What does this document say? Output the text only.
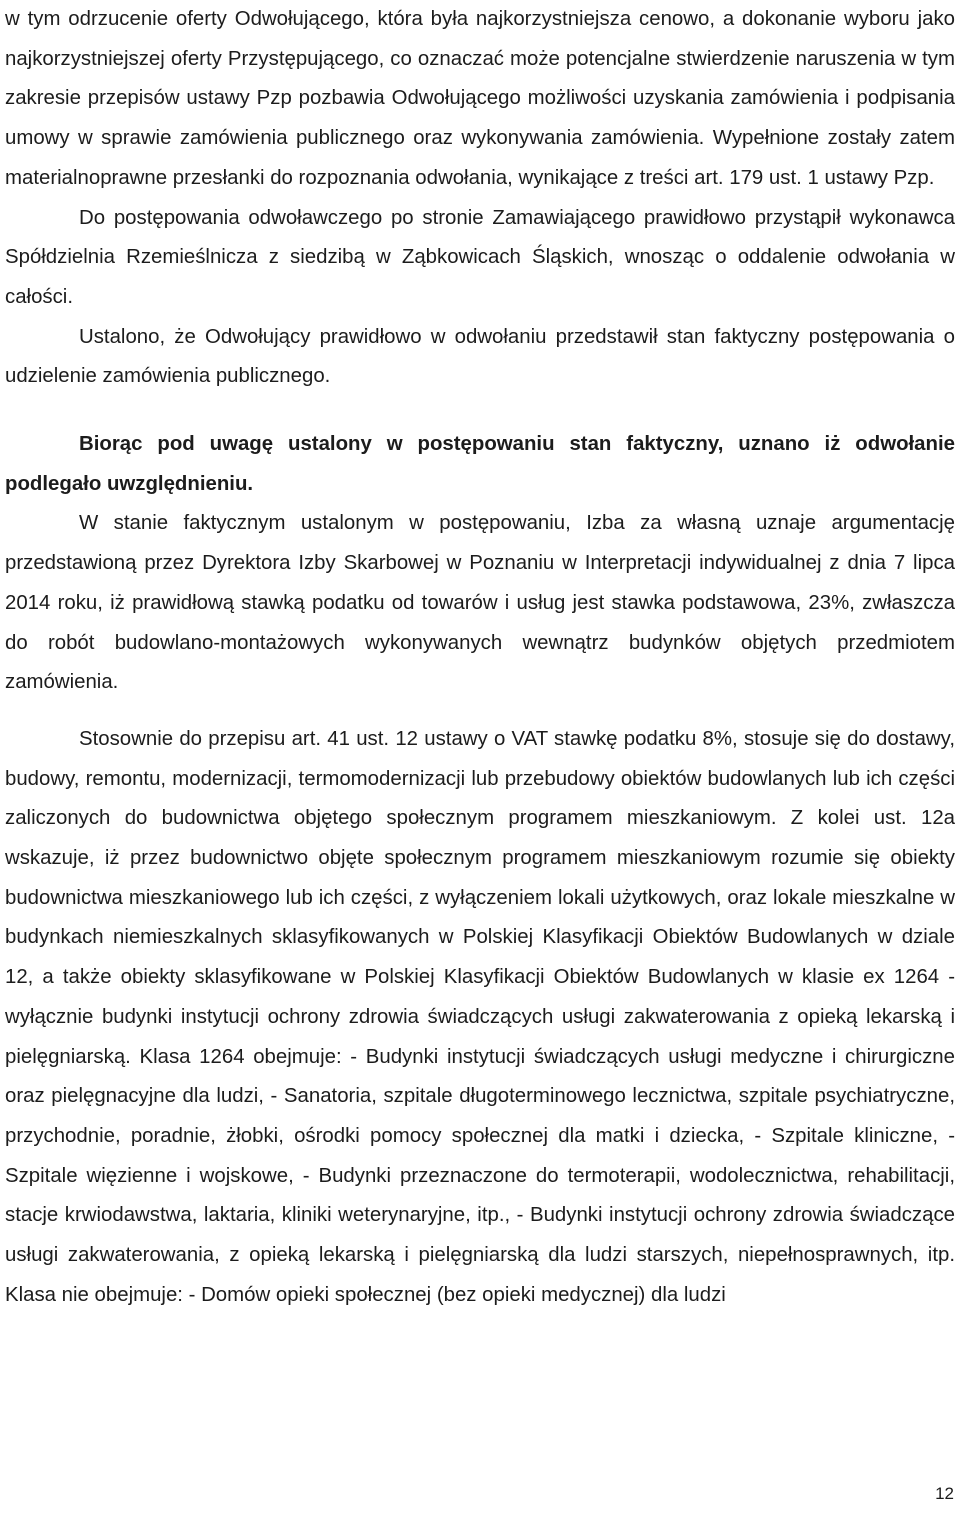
w tym odrzucenie oferty Odwołującego, która była najkorzystniejsza cenowo, a dokonanie wyboru jako najkorzystniejszej oferty Przystępującego, co oznaczać może potencjalne stwierdzenie naruszenia w tym zakresie przepisów ustawy Pzp pozbawia Odwołującego możliwości uzyskania zamówienia i podpisania umowy w sprawie zamówienia publicznego oraz wykonywania zamówienia. Wypełnione zostały zatem materialnoprawne przesłanki do rozpoznania odwołania, wynikające z treści art. 179 ust. 1 ustawy Pzp.

Do postępowania odwoławczego po stronie Zamawiającego prawidłowo przystąpił wykonawca Spółdzielnia Rzemieślnicza z siedzibą w Ząbkowicach Śląskich, wnosząc o oddalenie odwołania w całości.

Ustalono, że Odwołujący prawidłowo w odwołaniu przedstawił stan faktyczny postępowania o udzielenie zamówienia publicznego.

Biorąc pod uwagę ustalony w postępowaniu stan faktyczny, uznano iż odwołanie podlegało uwzględnieniu.

W stanie faktycznym ustalonym w postępowaniu, Izba za własną uznaje argumentację przedstawioną przez Dyrektora Izby Skarbowej w Poznaniu w Interpretacji indywidualnej z dnia 7 lipca 2014 roku, iż prawidłową stawką podatku od towarów i usług jest stawka podstawowa, 23%, zwłaszcza do robót budowlano-montażowych wykonywanych wewnątrz budynków objętych przedmiotem zamówienia.

Stosownie do przepisu art. 41 ust. 12 ustawy o VAT stawkę podatku 8%, stosuje się do dostawy, budowy, remontu, modernizacji, termomodernizacji lub przebudowy obiektów budowlanych lub ich części zaliczonych do budownictwa objętego społecznym programem mieszkaniowym. Z kolei ust. 12a wskazuje, iż przez budownictwo objęte społecznym programem mieszkaniowym rozumie się obiekty budownictwa mieszkaniowego lub ich części, z wyłączeniem lokali użytkowych, oraz lokale mieszkalne w budynkach niemieszkalnych sklasyfikowanych w Polskiej Klasyfikacji Obiektów Budowlanych w dziale 12, a także obiekty sklasyfikowane w Polskiej Klasyfikacji Obiektów Budowlanych w klasie ex 1264 - wyłącznie budynki instytucji ochrony zdrowia świadczących usługi zakwaterowania z opieką lekarską i pielęgniarską. Klasa 1264 obejmuje: - Budynki instytucji świadczących usługi medyczne i chirurgiczne oraz pielęgnacyjne dla ludzi, - Sanatoria, szpitale długoterminowego lecznictwa, szpitale psychiatryczne, przychodnie, poradnie, żłobki, ośrodki pomocy społecznej dla matki i dziecka, - Szpitale kliniczne, - Szpitale więzienne i wojskowe, - Budynki przeznaczone do termoterapii, wodolecznictwa, rehabilitacji, stacje krwiodawstwa, laktaria, kliniki weterynaryjne, itp., - Budynki instytucji ochrony zdrowia świadczące usługi zakwaterowania, z opieką lekarską i pielęgniarską dla ludzi starszych, niepełnosprawnych, itp. Klasa nie obejmuje: - Domów opieki społecznej (bez opieki medycznej) dla ludzi

12
